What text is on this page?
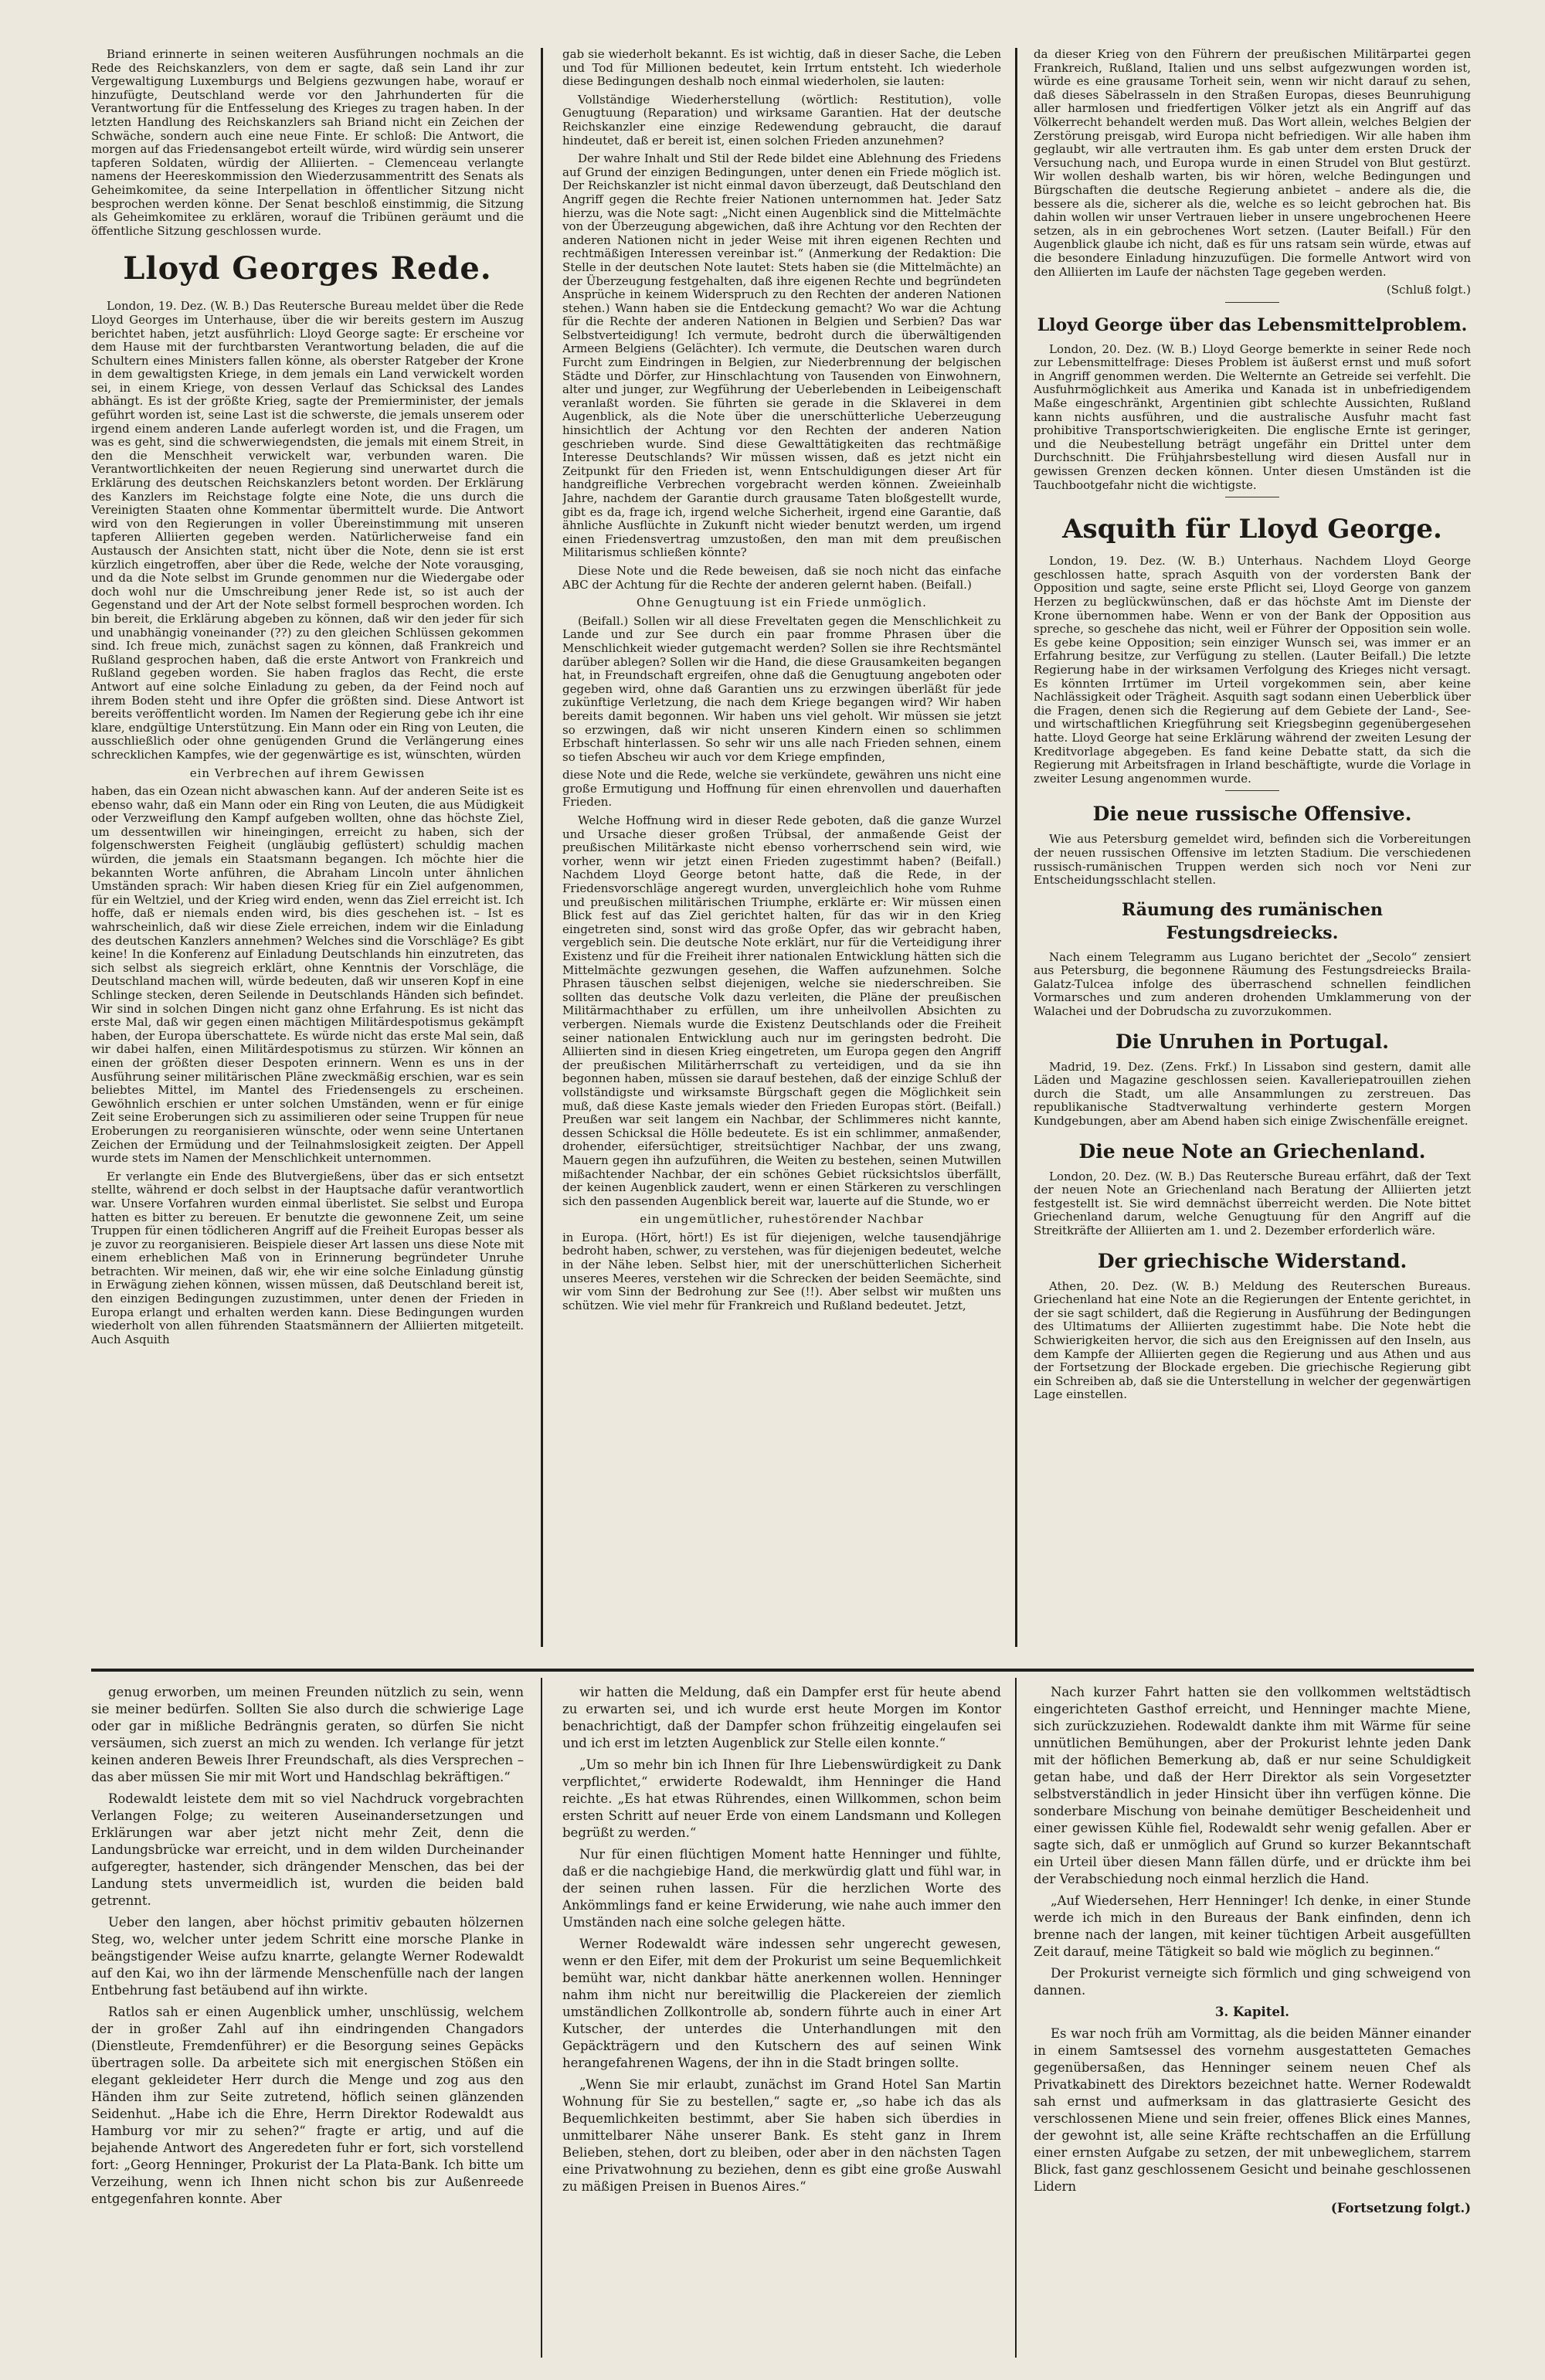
Briand erinnerte in seinen weiteren Ausführungen nochmals an die Rede des Reichskanzlers, von dem er sagte, daß sein Land ihr zur Vergewaltigung Luxemburgs und Belgiens gezwungen habe, worauf er hinzufügte, Deutschland werde vor den Jahrhunderten für die Verantwortung für die Entfesselung des Krieges zu tragen haben. In der letzten Handlung des Reichskanzlers sah Briand nicht ein Zeichen der Schwäche, sondern auch eine neue Finte. Er schloß: Die Antwort, die morgen auf das Friedensangebot erteilt würde, wird würdig sein unserer tapferen Soldaten, würdig der Alliierten. – Clemenceau verlangte namens der Heereskommission den Wiederzusammentritt des Senats als Geheimkomitee, da seine Interpellation in öffentlicher Sitzung nicht besprochen werden könne. Der Senat beschloß einstimmig, die Sitzung als Geheimkomitee zu erklären, worauf die Tribünen geräumt und die öffentliche Sitzung geschlossen wurde.

Lloyd Georges Rede.

London, 19. Dez. (W. B.) Das Reutersche Bureau meldet über die Rede Lloyd Georges im Unterhause, über die wir bereits gestern im Auszug berichtet haben, jetzt ausführlich: Lloyd George sagte: Er erscheine vor dem Hause mit der furchtbarsten Verantwortung beladen, die auf die Schultern eines Ministers fallen könne, als oberster Ratgeber der Krone in dem gewaltigsten Kriege, in dem jemals ein Land verwickelt worden sei, in einem Kriege, von dessen Verlauf das Schicksal des Landes abhängt. Es ist der größte Krieg, sagte der Premierminister, der jemals geführt worden ist, seine Last ist die schwerste, die jemals unserem oder irgend einem anderen Lande auferlegt worden ist, und die Fragen, um was es geht, sind die schwerwiegendsten, die jemals mit einem Streit, in den die Menschheit verwickelt war, verbunden waren. Die Verantwortlichkeiten der neuen Regierung sind unerwartet durch die Erklärung des deutschen Reichskanzlers betont worden. Der Erklärung des Kanzlers im Reichstage folgte eine Note, die uns durch die Vereinigten Staaten ohne Kommentar übermittelt wurde. Die Antwort wird von den Regierungen in voller Übereinstimmung mit unseren tapferen Alliierten gegeben werden. Natürlicherweise fand ein Austausch der Ansichten statt, nicht über die Note, denn sie ist erst kürzlich eingetroffen, aber über die Rede, welche der Note vorausging, und da die Note selbst im Grunde genommen nur die Wiedergabe oder doch wohl nur die Umschreibung jener Rede ist, so ist auch der Gegenstand und der Art der Note selbst formell besprochen worden. Ich bin bereit, die Erklärung abgeben zu können, daß wir den jeder für sich und unabhängig voneinander (??) zu den gleichen Schlüssen gekommen sind. Ich freue mich, zunächst sagen zu können, daß Frankreich und Rußland gesprochen haben, daß die erste Antwort von Frankreich und Rußland gegeben worden. Sie haben fraglos das Recht, die erste Antwort auf eine solche Einladung zu geben, da der Feind noch auf ihrem Boden steht und ihre Opfer die größten sind. Diese Antwort ist bereits veröffentlicht worden. Im Namen der Regierung gebe ich ihr eine klare, endgültige Unterstützung. Ein Mann oder ein Ring von Leuten, die ausschließlich oder ohne genügenden Grund die Verlängerung eines schrecklichen Kampfes, wie der gegenwärtige es ist, wünschten, würden

ein Verbrechen auf ihrem Gewissen

haben, das ein Ozean nicht abwaschen kann. Auf der anderen Seite ist es ebenso wahr, daß ein Mann oder ein Ring von Leuten, die aus Müdigkeit oder Verzweiflung den Kampf aufgeben wollten, ohne das höchste Ziel, um dessentwillen wir hineingingen, erreicht zu haben, sich der folgenschwersten Feigheit (ungläubig geflüstert) schuldig machen würden, die jemals ein Staatsmann begangen. Ich möchte hier die bekannten Worte anführen, die Abraham Lincoln unter ähnlichen Umständen sprach: Wir haben diesen Krieg für ein Ziel aufgenommen, für ein Weltziel, und der Krieg wird enden, wenn das Ziel erreicht ist. Ich hoffe, daß er niemals enden wird, bis dies geschehen ist. – Ist es wahrscheinlich, daß wir diese Ziele erreichen, indem wir die Einladung des deutschen Kanzlers annehmen? Welches sind die Vorschläge? Es gibt keine! In die Konferenz auf Einladung Deutschlands hin einzutreten, das sich selbst als siegreich erklärt, ohne Kenntnis der Vorschläge, die Deutschland machen will, würde bedeuten, daß wir unseren Kopf in eine Schlinge stecken, deren Seilende in Deutschlands Händen sich befindet. Wir sind in solchen Dingen nicht ganz ohne Erfahrung. Es ist nicht das erste Mal, daß wir gegen einen mächtigen Militärdespotismus gekämpft haben, der Europa überschattete. Es würde nicht das erste Mal sein, daß wir dabei halfen, einen Militärdespotismus zu stürzen. Wir können an einen der größten dieser Despoten erinnern. Wenn es uns in der Ausführung seiner militärischen Pläne zweckmäßig erschien, war es sein beliebtes Mittel, im Mantel des Friedensengels zu erscheinen. Gewöhnlich erschien er unter solchen Umständen, wenn er für einige Zeit seine Eroberungen sich zu assimilieren oder seine Truppen für neue Eroberungen zu reorganisieren wünschte, oder wenn seine Untertanen Zeichen der Ermüdung und der Teilnahmslosigkeit zeigten. Der Appell wurde stets im Namen der Menschlichkeit unternommen.

Er verlangte ein Ende des Blutvergießens, über das er sich entsetzt stellte, während er doch selbst in der Hauptsache dafür verantwortlich war. Unsere Vorfahren wurden einmal überlistet. Sie selbst und Europa hatten es bitter zu bereuen. Er benutzte die gewonnene Zeit, um seine Truppen für einen tödlicheren Angriff auf die Freiheit Europas besser als je zuvor zu reorganisieren. Beispiele dieser Art lassen uns diese Note mit einem erheblichen Maß von in Erinnerung begründeter Unruhe betrachten. Wir meinen, daß wir, ehe wir eine solche Einladung günstig in Erwägung ziehen können, wissen müssen, daß Deutschland bereit ist, den einzigen Bedingungen zuzustimmen, unter denen der Frieden in Europa erlangt und erhalten werden kann. Diese Bedingungen wurden wiederholt von allen führenden Staatsmännern der Alliierten mitgeteilt. Auch Asquith

gab sie wiederholt bekannt. Es ist wichtig, daß in dieser Sache, die Leben und Tod für Millionen bedeutet, kein Irrtum entsteht. Ich wiederhole diese Bedingungen deshalb noch einmal wiederholen, sie lauten:

Vollständige Wiederherstellung (wörtlich: Restitution), volle Genugtuung (Reparation) und wirksame Garantien. Hat der deutsche Reichskanzler eine einzige Redewendung gebraucht, die darauf hindeutet, daß er bereit ist, einen solchen Frieden anzunehmen?

Der wahre Inhalt und Stil der Rede bildet eine Ablehnung des Friedens auf Grund der einzigen Bedingungen, unter denen ein Friede möglich ist. Der Reichskanzler ist nicht einmal davon überzeugt, daß Deutschland den Angriff gegen die Rechte freier Nationen unternommen hat. Jeder Satz hierzu, was die Note sagt: „Nicht einen Augenblick sind die Mittelmächte von der Überzeugung abgewichen, daß ihre Achtung vor den Rechten der anderen Nationen nicht in jeder Weise mit ihren eigenen Rechten und rechtmäßigen Interessen vereinbar ist.“ (Anmerkung der Redaktion: Die Stelle in der deutschen Note lautet: Stets haben sie (die Mittelmächte) an der Überzeugung festgehalten, daß ihre eigenen Rechte und begründeten Ansprüche in keinem Widerspruch zu den Rechten der anderen Nationen stehen.) Wann haben sie die Entdeckung gemacht? Wo war die Achtung für die Rechte der anderen Nationen in Belgien und Serbien? Das war Selbstverteidigung! Ich vermute, bedroht durch die überwältigenden Armeen Belgiens (Gelächter). Ich vermute, die Deutschen waren durch Furcht zum Eindringen in Belgien, zur Niederbrennung der belgischen Städte und Dörfer, zur Hinschlachtung von Tausenden von Einwohnern, alter und junger, zur Wegführung der Ueberlebenden in Leibeigenschaft veranlaßt worden. Sie führten sie gerade in die Sklaverei in dem Augenblick, als die Note über die unerschütterliche Ueberzeugung hinsichtlich der Achtung vor den Rechten der anderen Nation geschrieben wurde. Sind diese Gewalttätigkeiten das rechtmäßige Interesse Deutschlands? Wir müssen wissen, daß es jetzt nicht ein Zeitpunkt für den Frieden ist, wenn Entschuldigungen dieser Art für handgreifliche Verbrechen vorgebracht werden können. Zweieinhalb Jahre, nachdem der Garantie durch grausame Taten bloßgestellt wurde, gibt es da, frage ich, irgend welche Sicherheit, irgend eine Garantie, daß ähnliche Ausflüchte in Zukunft nicht wieder benutzt werden, um irgend einen Friedensvertrag umzustoßen, den man mit dem preußischen Militarismus schließen könnte?

Diese Note und die Rede beweisen, daß sie noch nicht das einfache ABC der Achtung für die Rechte der anderen gelernt haben. (Beifall.)

Ohne Genugtuung ist ein Friede unmöglich.

(Beifall.) Sollen wir all diese Freveltaten gegen die Menschlichkeit zu Lande und zur See durch ein paar fromme Phrasen über die Menschlichkeit wieder gutgemacht werden? Sollen sie ihre Rechtsmäntel darüber ablegen? Sollen wir die Hand, die diese Grausamkeiten begangen hat, in Freundschaft ergreifen, ohne daß die Genugtuung angeboten oder gegeben wird, ohne daß Garantien uns zu erzwingen überläßt für jede zukünftige Verletzung, die nach dem Kriege begangen wird? Wir haben bereits damit begonnen. Wir haben uns viel geholt. Wir müssen sie jetzt so erzwingen, daß wir nicht unseren Kindern einen so schlimmen Erbschaft hinterlassen. So sehr wir uns alle nach Frieden sehnen, einem so tiefen Abscheu wir auch vor dem Kriege empfinden,

diese Note und die Rede, welche sie verkündete, gewähren uns nicht eine große Ermutigung und Hoffnung für einen ehrenvollen und dauerhaften Frieden.

Welche Hoffnung wird in dieser Rede geboten, daß die ganze Wurzel und Ursache dieser großen Trübsal, der anmaßende Geist der preußischen Militärkaste nicht ebenso vorherrschend sein wird, wie vorher, wenn wir jetzt einen Frieden zugestimmt haben? (Beifall.) Nachdem Lloyd George betont hatte, daß die Rede, in der Friedensvorschläge angeregt wurden, unvergleichlich hohe vom Ruhme und preußischen militärischen Triumphe, erklärte er: Wir müssen einen Blick fest auf das Ziel gerichtet halten, für das wir in den Krieg eingetreten sind, sonst wird das große Opfer, das wir gebracht haben, vergeblich sein. Die deutsche Note erklärt, nur für die Verteidigung ihrer Existenz und für die Freiheit ihrer nationalen Entwicklung hätten sich die Mittelmächte gezwungen gesehen, die Waffen aufzunehmen. Solche Phrasen täuschen selbst diejenigen, welche sie niederschreiben. Sie sollten das deutsche Volk dazu verleiten, die Pläne der preußischen Militärmachthaber zu erfüllen, um ihre unheilvollen Absichten zu verbergen. Niemals wurde die Existenz Deutschlands oder die Freiheit seiner nationalen Entwicklung auch nur im geringsten bedroht. Die Alliierten sind in diesen Krieg eingetreten, um Europa gegen den Angriff der preußischen Militärherrschaft zu verteidigen, und da sie ihn begonnen haben, müssen sie darauf bestehen, daß der einzige Schluß der vollständigste und wirksamste Bürgschaft gegen die Möglichkeit sein muß, daß diese Kaste jemals wieder den Frieden Europas stört. (Beifall.) Preußen war seit langem ein Nachbar, der Schlimmeres nicht kannte, dessen Schicksal die Hölle bedeutete. Es ist ein schlimmer, anmaßender, drohender, eifersüchtiger, streitsüchtiger Nachbar, der uns zwang, Mauern gegen ihn aufzuführen, die Weiten zu bestehen, seinen Mutwillen mißachtender Nachbar, der ein schönes Gebiet rücksichtslos überfällt, der keinen Augenblick zaudert, wenn er einen Stärkeren zu verschlingen sich den passenden Augenblick bereit war, lauerte auf die Stunde, wo er

ein ungemütlicher, ruhestörender Nachbar

in Europa. (Hört, hört!) Es ist für diejenigen, welche tausendjährige bedroht haben, schwer, zu verstehen, was für diejenigen bedeutet, welche in der Nähe leben. Selbst hier, mit der unerschütterlichen Sicherheit unseres Meeres, verstehen wir die Schrecken der beiden Seemächte, sind wir vom Sinn der Bedrohung zur See (!!). Aber selbst wir mußten uns schützen. Wie viel mehr für Frankreich und Rußland bedeutet. Jetzt,

da dieser Krieg von den Führern der preußischen Militärpartei gegen Frankreich, Rußland, Italien und uns selbst aufgezwungen worden ist, würde es eine grausame Torheit sein, wenn wir nicht darauf zu sehen, daß dieses Säbelrasseln in den Straßen Europas, dieses Beunruhigung aller harmlosen und friedfertigen Völker jetzt als ein Angriff auf das Völkerrecht behandelt werden muß. Das Wort allein, welches Belgien der Zerstörung preisgab, wird Europa nicht befriedigen. Wir alle haben ihm geglaubt, wir alle vertrauten ihm. Es gab unter dem ersten Druck der Versuchung nach, und Europa wurde in einen Strudel von Blut gestürzt. Wir wollen deshalb warten, bis wir hören, welche Bedingungen und Bürgschaften die deutsche Regierung anbietet – andere als die, die bessere als die, sicherer als die, welche es so leicht gebrochen hat. Bis dahin wollen wir unser Vertrauen lieber in unsere ungebrochenen Heere setzen, als in ein gebrochenes Wort setzen. (Lauter Beifall.) Für den Augenblick glaube ich nicht, daß es für uns ratsam sein würde, etwas auf die besondere Einladung hinzuzufügen. Die formelle Antwort wird von den Alliierten im Laufe der nächsten Tage gegeben werden.

(Schluß folgt.)

Lloyd George über das Lebensmittelproblem.

London, 20. Dez. (W. B.) Lloyd George bemerkte in seiner Rede noch zur Lebensmittelfrage: Dieses Problem ist äußerst ernst und muß sofort in Angriff genommen werden. Die Welternte an Getreide sei verfehlt. Die Ausfuhrmöglichkeit aus Amerika und Kanada ist in unbefriedigendem Maße eingeschränkt, Argentinien gibt schlechte Aussichten, Rußland kann nichts ausführen, und die australische Ausfuhr macht fast prohibitive Transportschwierigkeiten. Die englische Ernte ist geringer, und die Neubestellung beträgt ungefähr ein Drittel unter dem Durchschnitt. Die Frühjahrsbestellung wird diesen Ausfall nur in gewissen Grenzen decken können. Unter diesen Umständen ist die Tauchbootgefahr nicht die wichtigste.

Asquith für Lloyd George.

London, 19. Dez. (W. B.) Unterhaus. Nachdem Lloyd George geschlossen hatte, sprach Asquith von der vordersten Bank der Opposition und sagte, seine erste Pflicht sei, Lloyd George von ganzem Herzen zu beglückwünschen, daß er das höchste Amt im Dienste der Krone übernommen habe. Wenn er von der Bank der Opposition aus spreche, so geschehe das nicht, weil er Führer der Opposition sein wolle. Es gebe keine Opposition; sein einziger Wunsch sei, was immer er an Erfahrung besitze, zur Verfügung zu stellen. (Lauter Beifall.) Die letzte Regierung habe in der wirksamen Verfolgung des Krieges nicht versagt. Es könnten Irrtümer im Urteil vorgekommen sein, aber keine Nachlässigkeit oder Trägheit. Asquith sagt sodann einen Ueberblick über die Fragen, denen sich die Regierung auf dem Gebiete der Land-, See- und wirtschaftlichen Kriegführung seit Kriegsbeginn gegenübergesehen hatte. Lloyd George hat seine Erklärung während der zweiten Lesung der Kreditvorlage abgegeben. Es fand keine Debatte statt, da sich die Regierung mit Arbeitsfragen in Irland beschäftigte, wurde die Vorlage in zweiter Lesung angenommen wurde.

Die neue russische Offensive.

Wie aus Petersburg gemeldet wird, befinden sich die Vorbereitungen der neuen russischen Offensive im letzten Stadium. Die verschiedenen russisch-rumänischen Truppen werden sich noch vor Neni zur Entscheidungsschlacht stellen.

Räumung des rumänischen Festungsdreiecks.

Nach einem Telegramm aus Lugano berichtet der „Secolo“ zensiert aus Petersburg, die begonnene Räumung des Festungsdreiecks Braila-Galatz-Tulcea infolge des überraschend schnellen feindlichen Vormarsches und zum anderen drohenden Umklammerung von der Walachei und der Dobrudscha zu zuvorzukommen.

Die Unruhen in Portugal.

Madrid, 19. Dez. (Zens. Frkf.) In Lissabon sind gestern, damit alle Läden und Magazine geschlossen seien. Kavalleriepatrouillen ziehen durch die Stadt, um alle Ansammlungen zu zerstreuen. Das republikanische Stadtverwaltung verhinderte gestern Morgen Kundgebungen, aber am Abend haben sich einige Zwischenfälle ereignet.

Die neue Note an Griechenland.

London, 20. Dez. (W. B.) Das Reutersche Bureau erfährt, daß der Text der neuen Note an Griechenland nach Beratung der Alliierten jetzt festgestellt ist. Sie wird demnächst überreicht werden. Die Note bittet Griechenland darum, welche Genugtuung für den Angriff auf die Streitkräfte der Alliierten am 1. und 2. Dezember erforderlich wäre.

Der griechische Widerstand.

Athen, 20. Dez. (W. B.) Meldung des Reuterschen Bureaus. Griechenland hat eine Note an die Regierungen der Entente gerichtet, in der sie sagt schildert, daß die Regierung in Ausführung der Bedingungen des Ultimatums der Alliierten zugestimmt habe. Die Note hebt die Schwierigkeiten hervor, die sich aus den Ereignissen auf den Inseln, aus dem Kampfe der Alliierten gegen die Regierung und aus Athen und aus der Fortsetzung der Blockade ergeben. Die griechische Regierung gibt ein Schreiben ab, daß sie die Unterstellung in welcher der gegenwärtigen Lage einstellen.

genug erworben, um meinen Freunden nützlich zu sein, wenn sie meiner bedürfen. Sollten Sie also durch die schwierige Lage oder gar in mißliche Bedrängnis geraten, so dürfen Sie nicht versäumen, sich zuerst an mich zu wenden. Ich verlange für jetzt keinen anderen Beweis Ihrer Freundschaft, als dies Versprechen – das aber müssen Sie mir mit Wort und Handschlag bekräftigen.“

Rodewaldt leistete dem mit so viel Nachdruck vorgebrachten Verlangen Folge; zu weiteren Auseinandersetzungen und Erklärungen war aber jetzt nicht mehr Zeit, denn die Landungsbrücke war erreicht, und in dem wilden Durcheinander aufgeregter, hastender, sich drängender Menschen, das bei der Landung stets unvermeidlich ist, wurden die beiden bald getrennt.

Ueber den langen, aber höchst primitiv gebauten hölzernen Steg, wo, welcher unter jedem Schritt eine morsche Planke in beängstigender Weise aufzu knarrte, gelangte Werner Rodewaldt auf den Kai, wo ihn der lärmende Menschenfülle nach der langen Entbehrung fast betäubend auf ihn wirkte.

Ratlos sah er einen Augenblick umher, unschlüssig, welchem der in großer Zahl auf ihn eindringenden Changadors (Dienstleute, Fremdenführer) er die Besorgung seines Gepäcks übertragen solle. Da arbeitete sich mit energischen Stößen ein elegant gekleideter Herr durch die Menge und zog aus den Händen ihm zur Seite zutretend, höflich seinen glänzenden Seidenhut. „Habe ich die Ehre, Herrn Direktor Rodewaldt aus Hamburg vor mir zu sehen?“ fragte er artig, und auf die bejahende Antwort des Angeredeten fuhr er fort, sich vorstellend fort: „Georg Henninger, Prokurist der La Plata-Bank. Ich bitte um Verzeihung, wenn ich Ihnen nicht schon bis zur Außenreede entgegenfahren konnte. Aber

wir hatten die Meldung, daß ein Dampfer erst für heute abend zu erwarten sei, und ich wurde erst heute Morgen im Kontor benachrichtigt, daß der Dampfer schon frühzeitig eingelaufen sei und ich erst im letzten Augenblick zur Stelle eilen konnte.“

„Um so mehr bin ich Ihnen für Ihre Liebenswürdigkeit zu Dank verpflichtet,“ erwiderte Rodewaldt, ihm Henninger die Hand reichte. „Es hat etwas Rührendes, einen Willkommen, schon beim ersten Schritt auf neuer Erde von einem Landsmann und Kollegen begrüßt zu werden.“

Nur für einen flüchtigen Moment hatte Henninger und fühlte, daß er die nachgiebige Hand, die merkwürdig glatt und fühl war, in der seinen ruhen lassen. Für die herzlichen Worte des Ankömmlings fand er keine Erwiderung, wie nahe auch immer den Umständen nach eine solche gelegen hätte.

Werner Rodewaldt wäre indessen sehr ungerecht gewesen, wenn er den Eifer, mit dem der Prokurist um seine Bequemlichkeit bemüht war, nicht dankbar hätte anerkennen wollen. Henninger nahm ihm nicht nur bereitwillig die Plackereien der ziemlich umständlichen Zollkontrolle ab, sondern führte auch in einer Art Kutscher, der unterdes die Unterhandlungen mit den Gepäckträgern und den Kutschern des auf seinen Wink herangefahrenen Wagens, der ihn in die Stadt bringen sollte.

„Wenn Sie mir erlaubt, zunächst im Grand Hotel San Martin Wohnung für Sie zu bestellen,“ sagte er, „so habe ich das als Bequemlichkeiten bestimmt, aber Sie haben sich überdies in unmittelbarer Nähe unserer Bank. Es steht ganz in Ihrem Belieben, stehen, dort zu bleiben, oder aber in den nächsten Tagen eine Privatwohnung zu beziehen, denn es gibt eine große Auswahl zu mäßigen Preisen in Buenos Aires.“

Nach kurzer Fahrt hatten sie den vollkommen weltstädtisch eingerichteten Gasthof erreicht, und Henninger machte Miene, sich zurückzuziehen. Rodewaldt dankte ihm mit Wärme für seine unnütlichen Bemühungen, aber der Prokurist lehnte jeden Dank mit der höflichen Bemerkung ab, daß er nur seine Schuldigkeit getan habe, und daß der Herr Direktor als sein Vorgesetzter selbstverständlich in jeder Hinsicht über ihn verfügen könne. Die sonderbare Mischung von beinahe demütiger Bescheidenheit und einer gewissen Kühle fiel, Rodewaldt sehr wenig gefallen. Aber er sagte sich, daß er unmöglich auf Grund so kurzer Bekanntschaft ein Urteil über diesen Mann fällen dürfe, und er drückte ihm bei der Verabschiedung noch einmal herzlich die Hand.

„Auf Wiedersehen, Herr Henninger! Ich denke, in einer Stunde werde ich mich in den Bureaus der Bank einfinden, denn ich brenne nach der langen, mit keiner tüchtigen Arbeit ausgefüllten Zeit darauf, meine Tätigkeit so bald wie möglich zu beginnen.“

Der Prokurist verneigte sich förmlich und ging schweigend von dannen.

3. Kapitel.

Es war noch früh am Vormittag, als die beiden Männer einander in einem Samtsessel des vornehm ausgestatteten Gemaches gegenübersaßen, das Henninger seinem neuen Chef als Privatkabinett des Direktors bezeichnet hatte. Werner Rodewaldt sah ernst und aufmerksam in das glattrasierte Gesicht des verschlossenen Miene und sein freier, offenes Blick eines Mannes, der gewohnt ist, alle seine Kräfte rechtschaffen an die Erfüllung einer ernsten Aufgabe zu setzen, der mit unbeweglichem, starrem Blick, fast ganz geschlossenem Gesicht und beinahe geschlossenen Lidern

(Fortsetzung folgt.)
